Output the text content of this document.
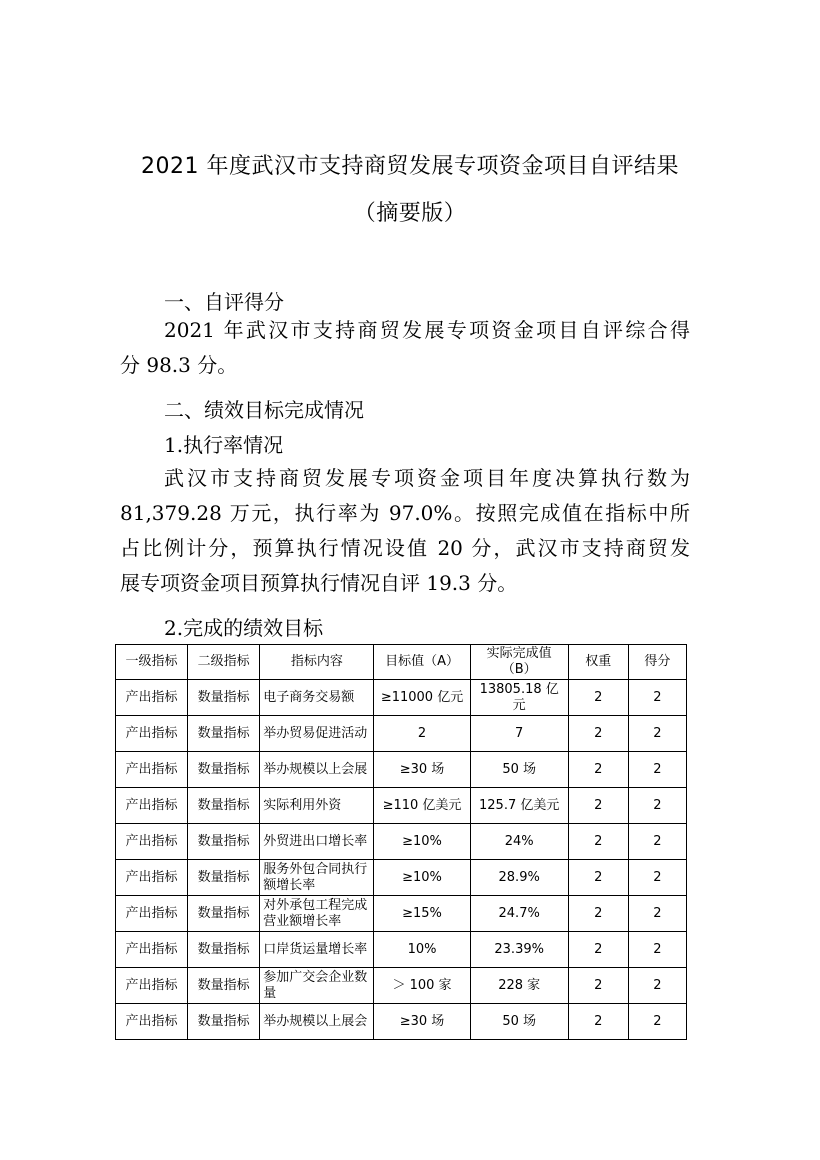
2021 年度武汉市支持商贸发展专项资金项目自评结果
（摘要版）
一、自评得分
2021 年武汉市支持商贸发展专项资金项目自评综合得
分 98.3 分。
二、绩效目标完成情况
1.执行率情况
武汉市支持商贸发展专项资金项目年度决算执行数为
81,379.28 万元，执行率为 97.0%。按照完成值在指标中所
占比例计分，预算执行情况设值 20 分，武汉市支持商贸发
展专项资金项目预算执行情况自评 19.3 分。
2.完成的绩效目标
一级指标	二级指标	指标内容	目标值（A）	实际完成值（B）	权重	得分
产出指标	数量指标	电子商务交易额	≥11000 亿元	13805.18 亿元	2	2
产出指标	数量指标	举办贸易促进活动	2	7	2	2
产出指标	数量指标	举办规模以上会展	≥30 场	50 场	2	2
产出指标	数量指标	实际利用外资	≥110 亿美元	125.7 亿美元	2	2
产出指标	数量指标	外贸进出口增长率	≥10%	24%	2	2
产出指标	数量指标	服务外包合同执行额增长率	≥10%	28.9%	2	2
产出指标	数量指标	对外承包工程完成营业额增长率	≥15%	24.7%	2	2
产出指标	数量指标	口岸货运量增长率	10%	23.39%	2	2
产出指标	数量指标	参加广交会企业数量	＞ 100 家	228 家	2	2
产出指标	数量指标	举办规模以上展会	≥30 场	50 场	2	2
